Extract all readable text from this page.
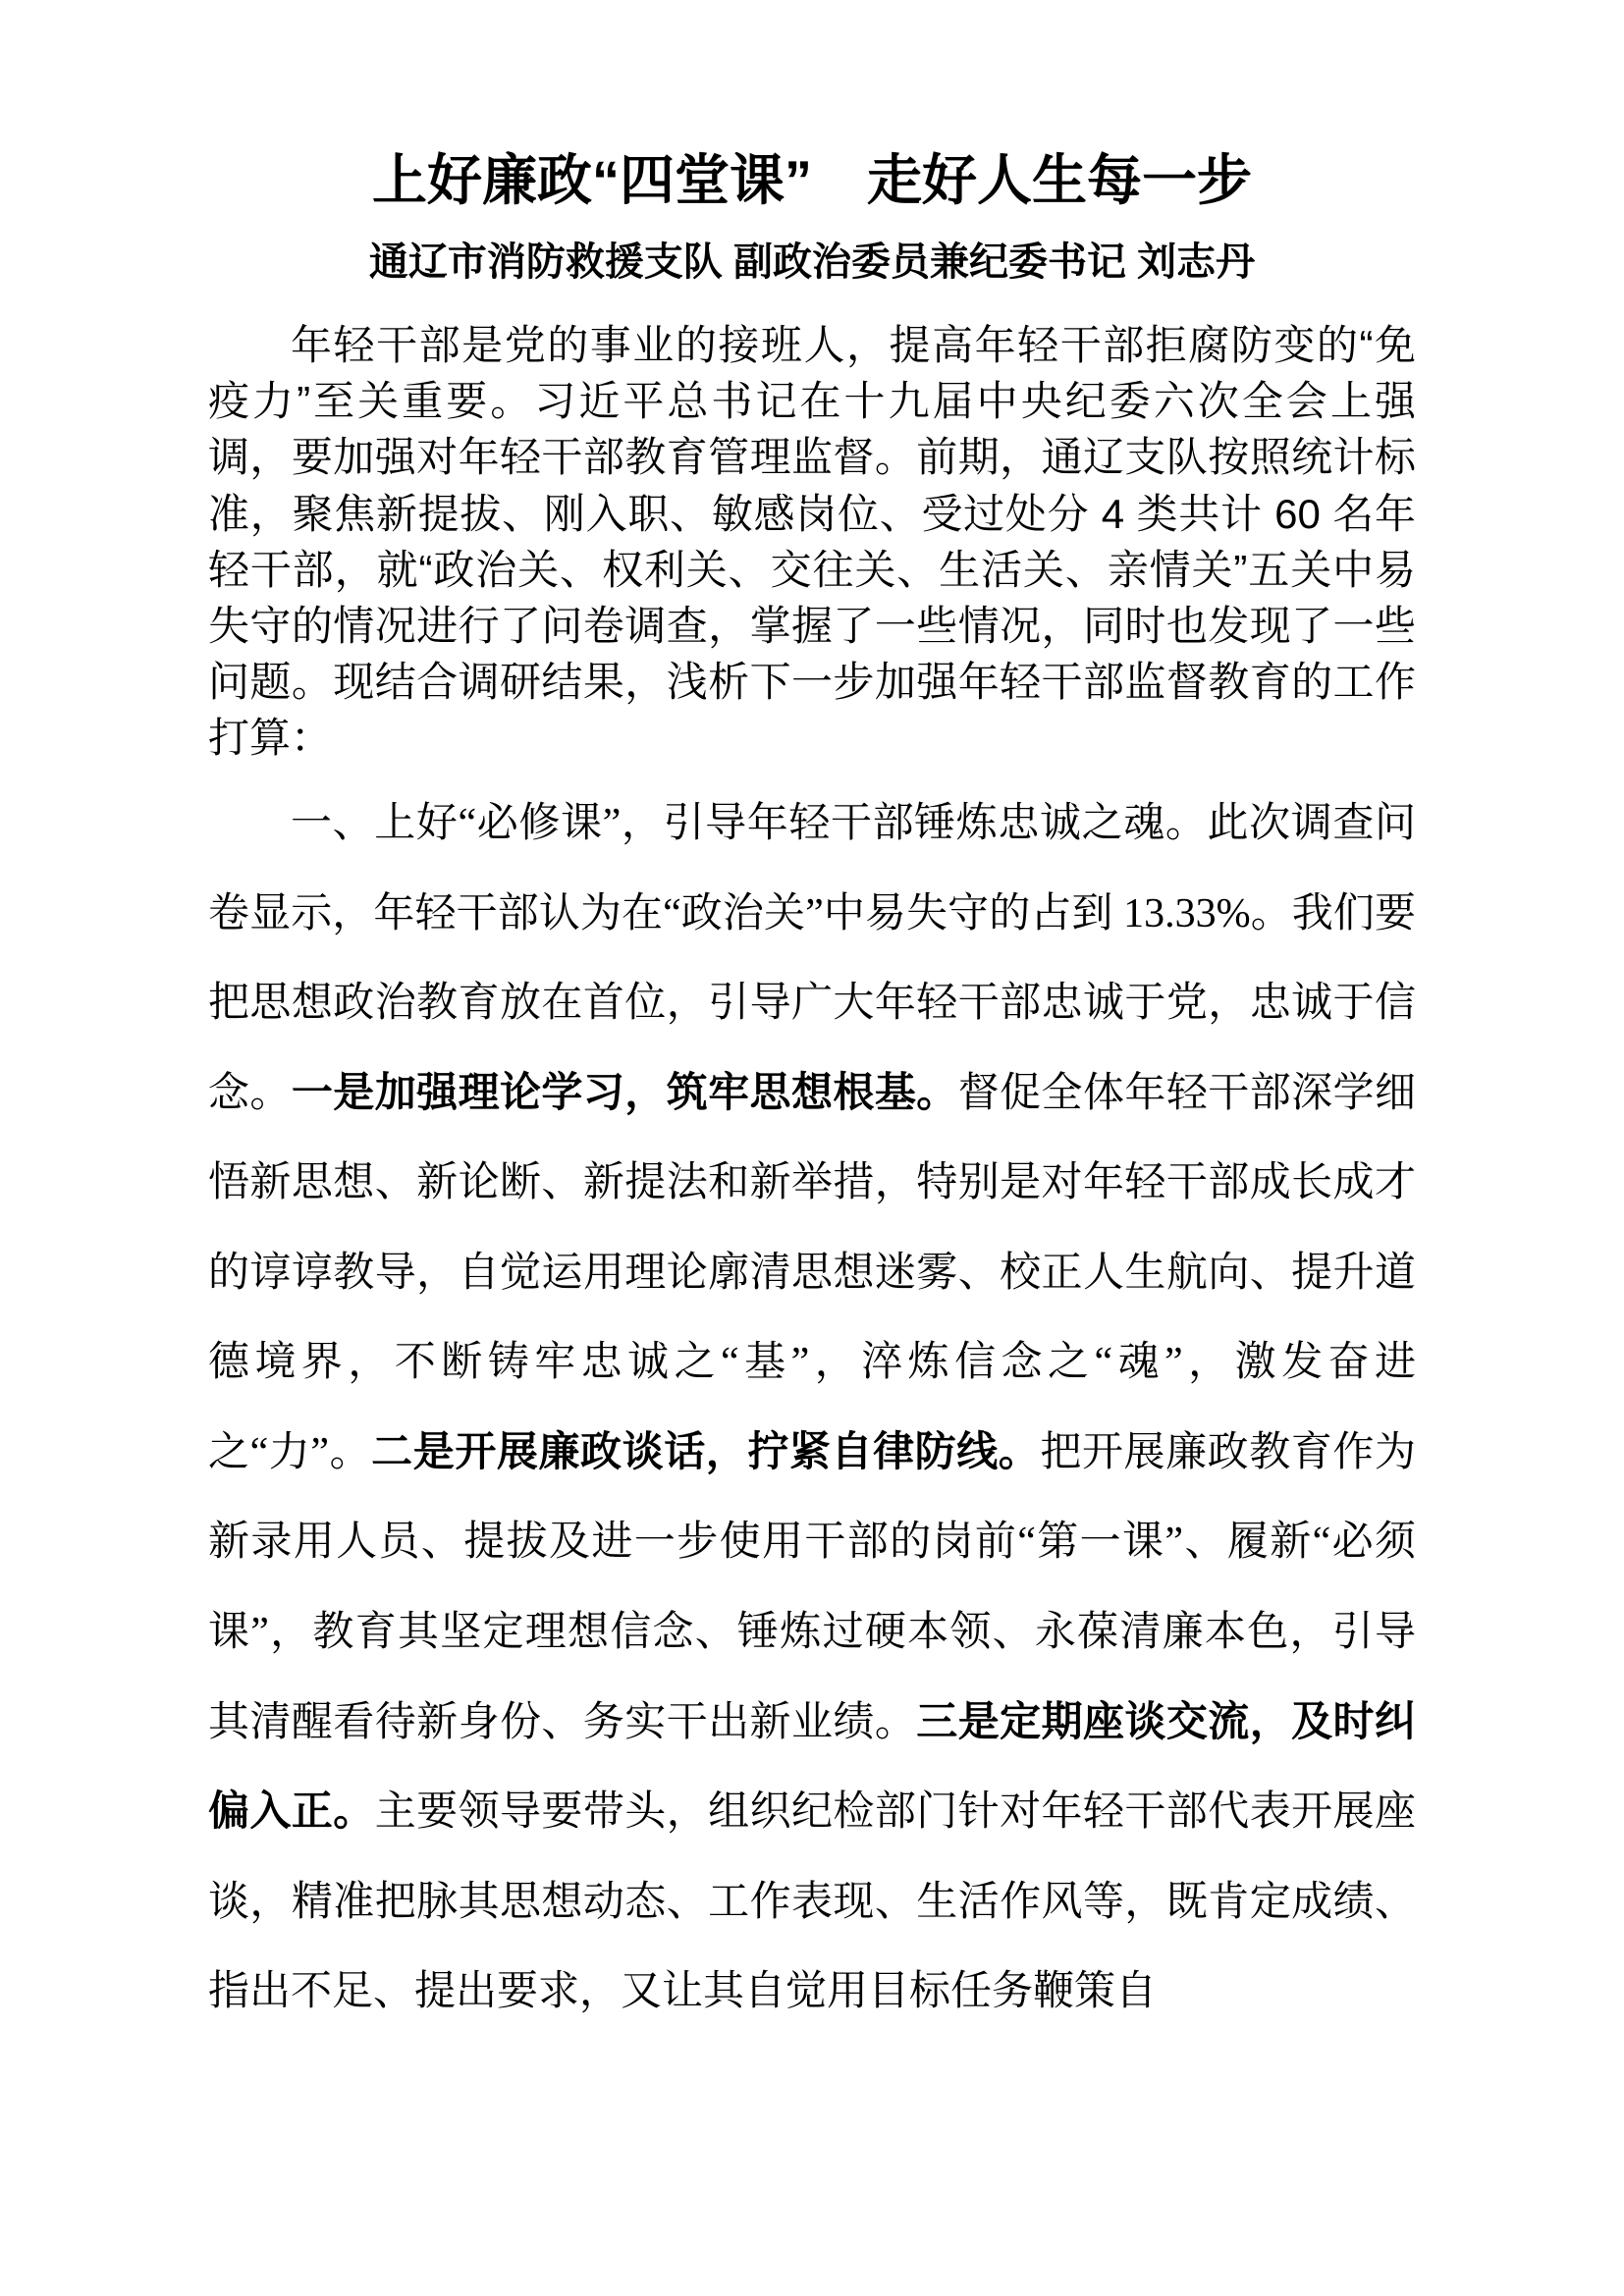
上好廉政“四堂课”　走好人生每一步
通辽市消防救援支队 副政治委员兼纪委书记 刘志丹

年轻干部是党的事业的接班人，提高年轻干部拒腐防变的“免疫力”至关重要。习近平总书记在十九届中央纪委六次全会上强调，要加强对年轻干部教育管理监督。前期，通辽支队按照统计标准，聚焦新提拔、刚入职、敏感岗位、受过处分 4 类共计 60 名年轻干部，就“政治关、权利关、交往关、生活关、亲情关”五关中易失守的情况进行了问卷调查，掌握了一些情况，同时也发现了一些问题。现结合调研结果，浅析下一步加强年轻干部监督教育的工作打算：

一、上好“必修课”，引导年轻干部锤炼忠诚之魂。此次调查问卷显示，年轻干部认为在“政治关”中易失守的占到 13.33%。我们要把思想政治教育放在首位，引导广大年轻干部忠诚于党，忠诚于信念。一是加强理论学习，筑牢思想根基。督促全体年轻干部深学细悟新思想、新论断、新提法和新举措，特别是对年轻干部成长成才的谆谆教导，自觉运用理论廓清思想迷雾、校正人生航向、提升道德境界，不断铸牢忠诚之“基”，淬炼信念之“魂”，激发奋进之“力”。二是开展廉政谈话，拧紧自律防线。把开展廉政教育作为新录用人员、提拔及进一步使用干部的岗前“第一课”、履新“必须课”，教育其坚定理想信念、锤炼过硬本领、永葆清廉本色，引导其清醒看待新身份、务实干出新业绩。三是定期座谈交流，及时纠偏入正。主要领导要带头，组织纪检部门针对年轻干部代表开展座谈，精准把脉其思想动态、工作表现、生活作风等，既肯定成绩、指出不足、提出要求，又让其自觉用目标任务鞭策自
